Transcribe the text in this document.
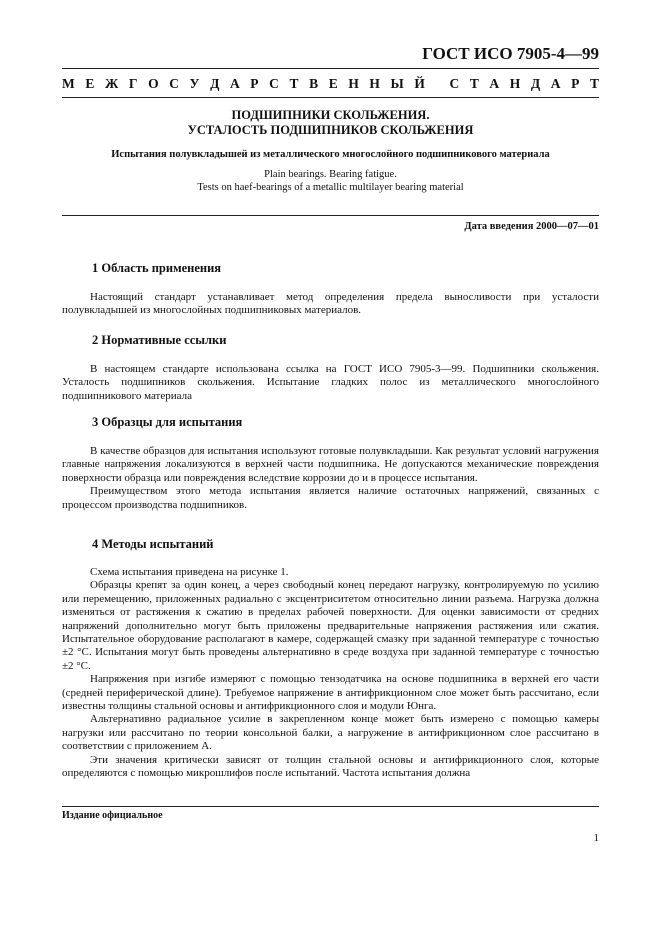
ГОСТ ИСО 7905-4—99
М Е Ж Г О С У Д А Р С Т В Е Н Н Ы Й
С Т А Н Д А Р Т
ПОДШИПНИКИ СКОЛЬЖЕНИЯ.
УСТАЛОСТЬ ПОДШИПНИКОВ СКОЛЬЖЕНИЯ
Испытания полувкладышей из металлического многослойного подшипникового материала
Plain bearings. Bearing fatigue.
Tests on haef-bearings of a metallic multilayer bearing material
Дата введения 2000—07—01
1 Область применения

Настоящий стандарт устанавливает метод определения предела выносливости при усталости полувкладышей из многослойных подшипниковых материалов.

2 Нормативные ссылки

В настоящем стандарте использована ссылка на ГОСТ ИСО 7905-3—99. Подшипники скольжения. Усталость подшипников скольжения. Испытание гладких полос из металлического многослойного подшипникового материала

3 Образцы для испытания

В качестве образцов для испытания используют готовые полувкладыши. Как результат условий нагружения главные напряжения локализуются в верхней части подшипника. Не допускаются механические повреждения поверхности образца или повреждения вследствие коррозии до и в процессе испытания.

Преимуществом этого метода испытания является наличие остаточных напряжений, связанных с процессом производства подшипников.

4 Методы испытаний

Схема испытания приведена на рисунке 1.

Образцы крепят за один конец, а через свободный конец передают нагрузку, контролируемую по усилию или перемещению, приложенных радиально с эксцентриситетом относительно линии разъема. Нагрузка должна изменяться от растяжения к сжатию в пределах рабочей поверхности. Для оценки зависимости от средних напряжений дополнительно могут быть приложены предварительные напряжения растяжения или сжатия. Испытательное оборудование располагают в камере, содержащей смазку при заданной температуре с точностью ±2 °С. Испытания могут быть проведены альтернативно в среде воздуха при заданной температуре с точностью ±2 °С.

Напряжения при изгибе измеряют с помощью тензодатчика на основе подшипника в верхней его части (средней периферической длине). Требуемое напряжение в антифрикционном слое может быть рассчитано, если известны толщины стальной основы и антифрикционного слоя и модули Юнга.

Альтернативно радиальное усилие в закрепленном конце может быть измерено с помощью камеры нагрузки или рассчитано по теории консольной балки, а нагружение в антифрикционном слое рассчитано в соответствии с приложением А.

Эти значения критически зависят от толщин стальной основы и антифрикционного слоя, которые определяются с помощью микрошлифов после испытаний. Частота испытания должна

Издание официальное
1
